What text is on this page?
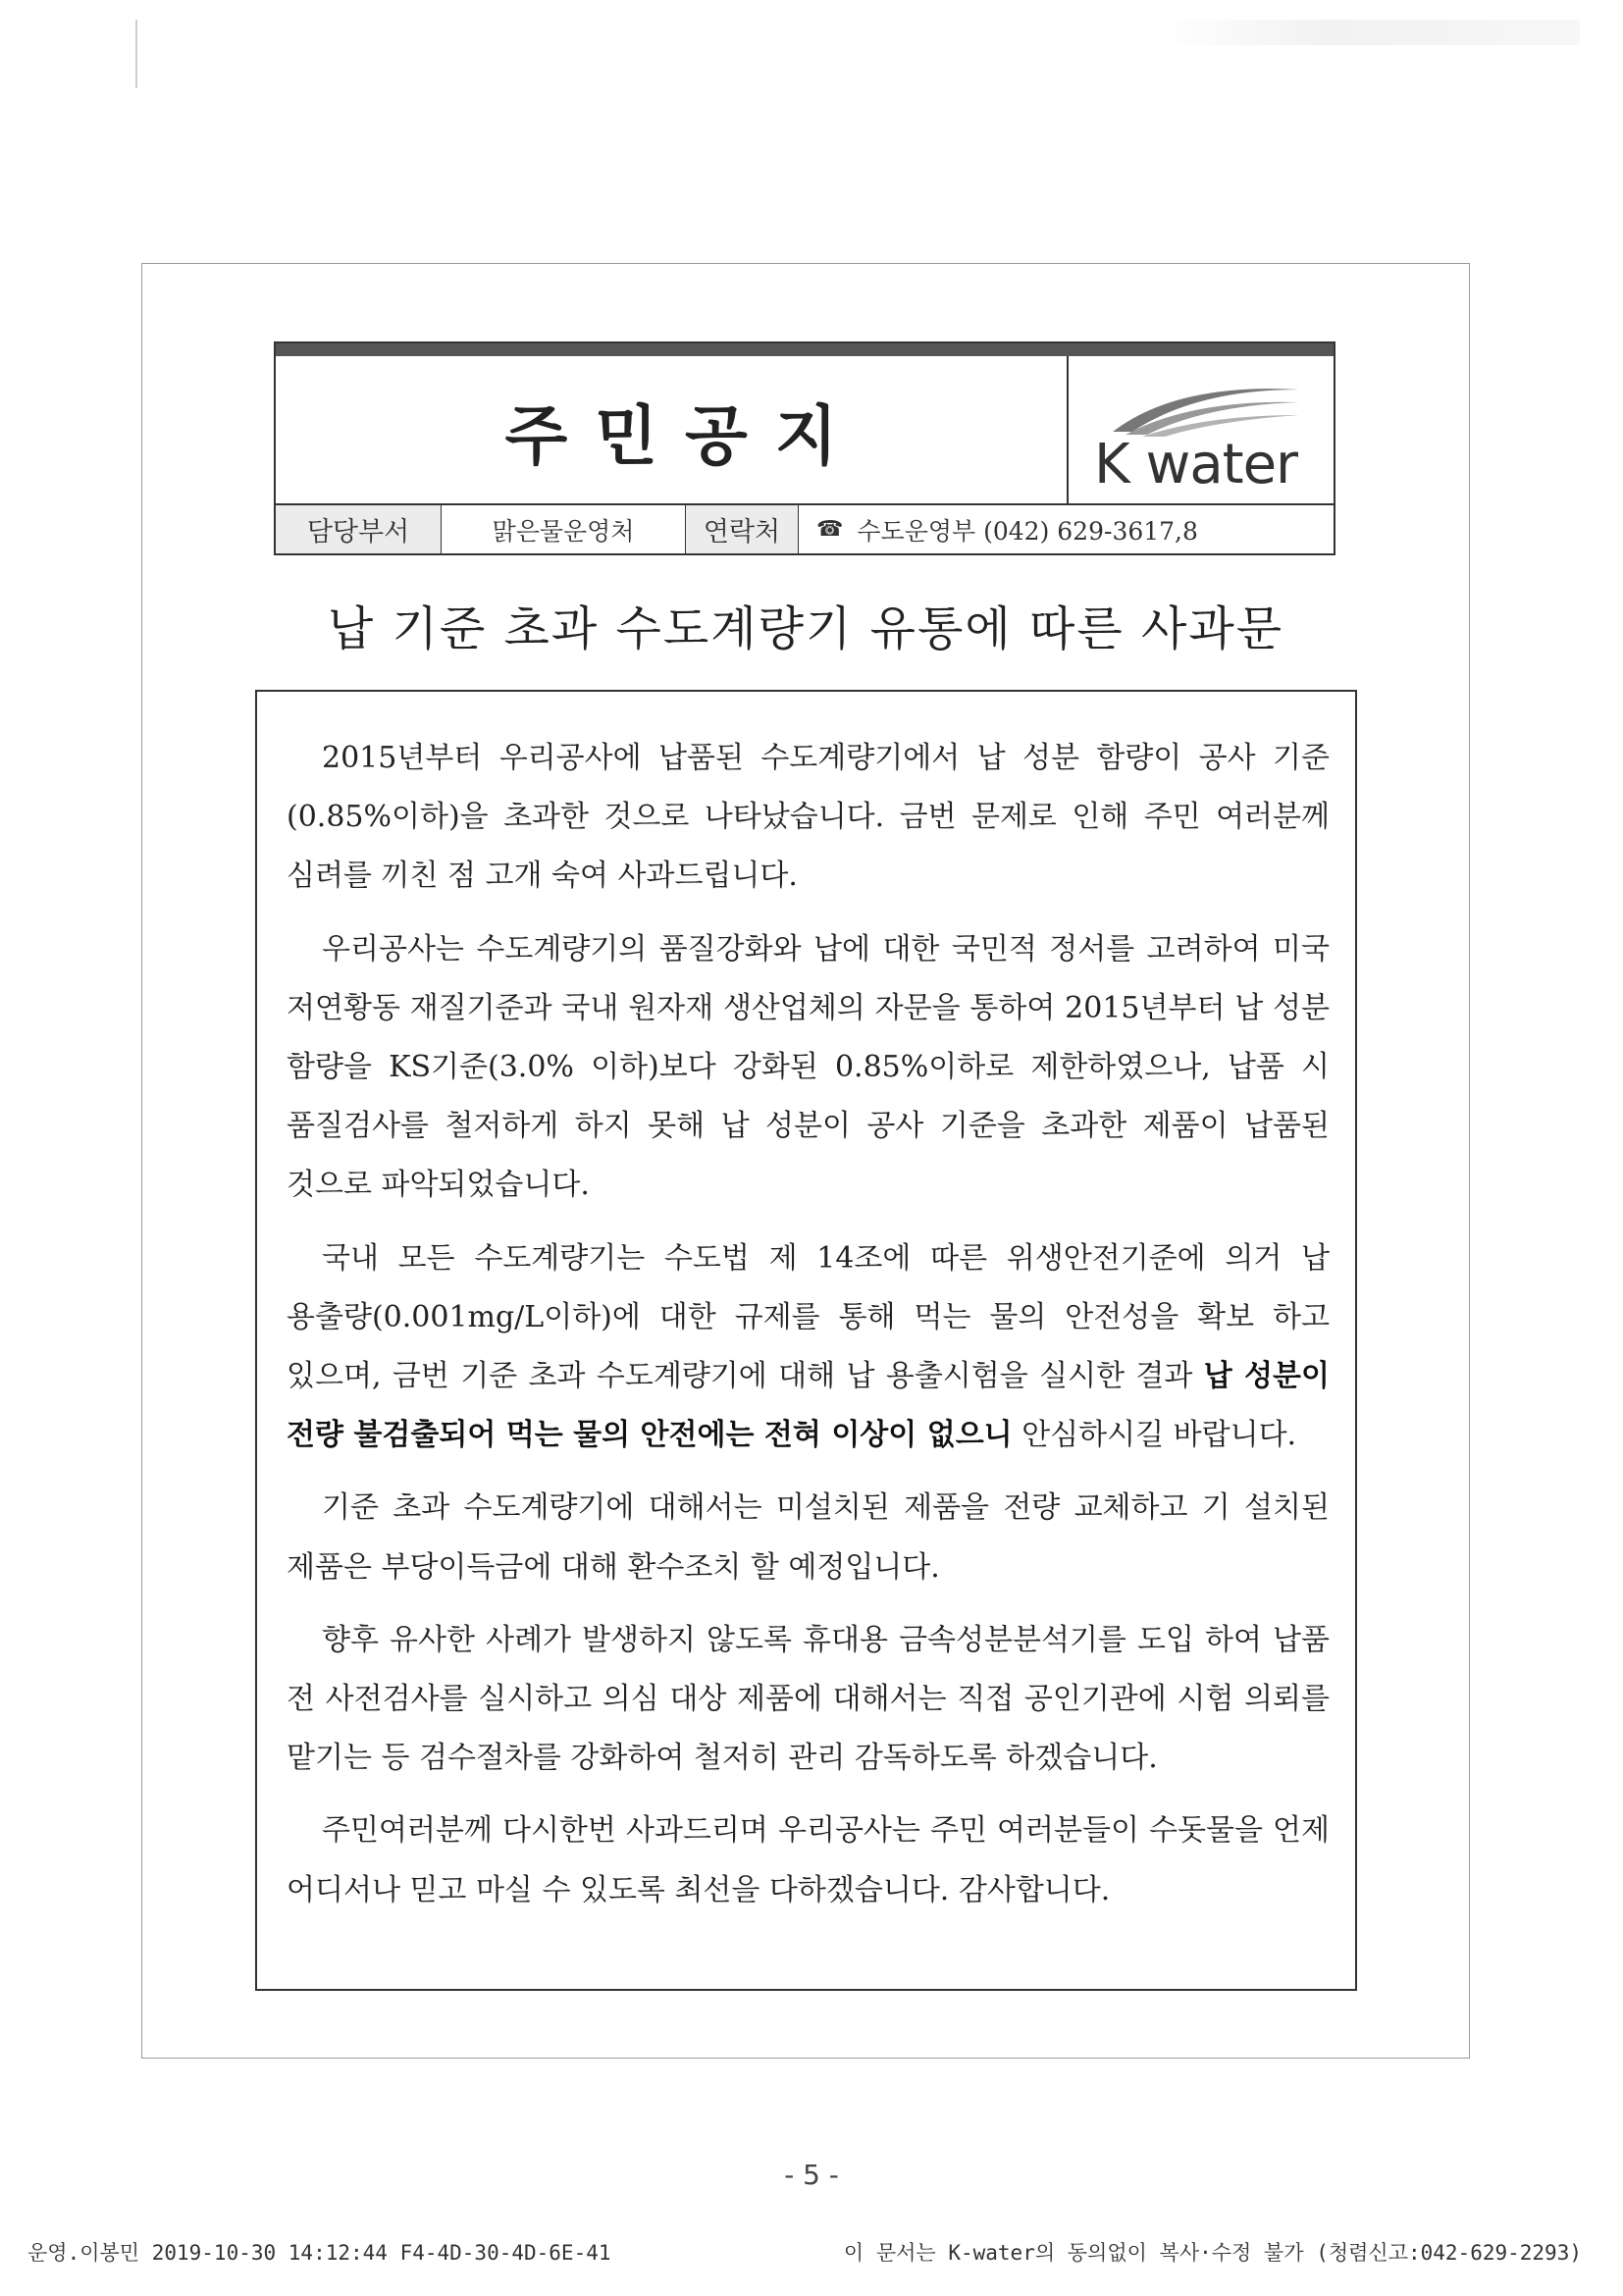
주민공지	K water
담당부서	맑은물운영처	연락처	☎ 수도운영부 (042) 629-3617,8
납 기준 초과 수도계량기 유통에 따른 사과문

2015년부터 우리공사에 납품된 수도계량기에서 납 성분 함량이 공사 기준(0.85%이하)을 초과한 것으로 나타났습니다. 금번 문제로 인해 주민 여러분께 심려를 끼친 점 고개 숙여 사과드립니다.

우리공사는 수도계량기의 품질강화와 납에 대한 국민적 정서를 고려하여 미국 저연황동 재질기준과 국내 원자재 생산업체의 자문을 통하여 2015년부터 납 성분 함량을 KS기준(3.0% 이하)보다 강화된 0.85%이하로 제한하였으나, 납품 시 품질검사를 철저하게 하지 못해 납 성분이 공사 기준을 초과한 제품이 납품된 것으로 파악되었습니다.

국내 모든 수도계량기는 수도법 제 14조에 따른 위생안전기준에 의거 납 용출량(0.001mg/L이하)에 대한 규제를 통해 먹는 물의 안전성을 확보 하고 있으며, 금번 기준 초과 수도계량기에 대해 납 용출시험을 실시한 결과 납 성분이 전량 불검출되어 먹는 물의 안전에는 전혀 이상이 없으니 안심하시길 바랍니다.

기준 초과 수도계량기에 대해서는 미설치된 제품을 전량 교체하고 기 설치된 제품은 부당이득금에 대해 환수조치 할 예정입니다.

향후 유사한 사례가 발생하지 않도록 휴대용 금속성분분석기를 도입 하여 납품 전 사전검사를 실시하고 의심 대상 제품에 대해서는 직접 공인기관에 시험 의뢰를 맡기는 등 검수절차를 강화하여 철저히 관리 감독하도록 하겠습니다.

주민여러분께 다시한번 사과드리며 우리공사는 주민 여러분들이 수돗물을 언제 어디서나 믿고 마실 수 있도록 최선을 다하겠습니다. 감사합니다.

- 5 -
운영.이봉민 2019-10-30 14:12:44 F4-4D-30-4D-6E-41	이 문서는 K-water의 동의없이 복사·수정 불가 (청렴신고:042-629-2293)
